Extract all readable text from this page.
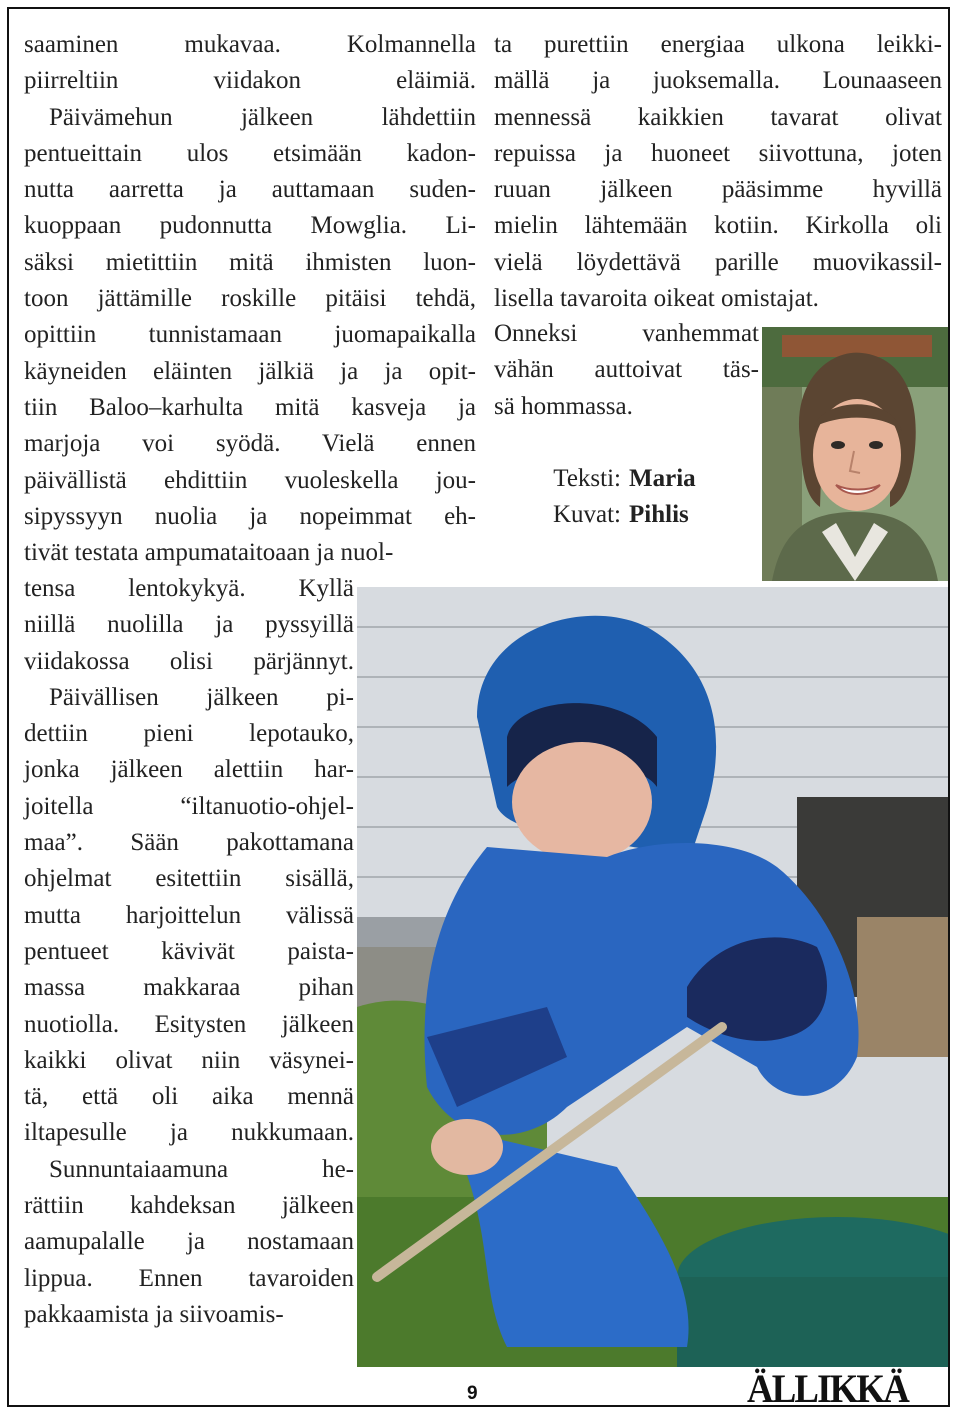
saaminen mukavaa. Kolmannella
piirreltiin viidakon eläimiä.
 Päivämehun jälkeen lähdettiin
pentueittain ulos etsimään kadon-
nutta aarretta ja auttamaan suden-
kuoppaan pudonnutta Mowglia. Li-
säksi mietittiin mitä ihmisten luon-
toon jättämille roskille pitäisi tehdä,
opittiin tunnistamaan juomapaikalla
käyneiden eläinten jälkiä ja ja opit-
tiin Baloo–karhulta mitä kasveja ja
marjoja voi syödä. Vielä ennen
päivällistä ehdittiin vuoleskella jou-
sipyssyyn nuolia ja nopeimmat eh-
tivät testata ampumataitoaan ja nuol-
tensa lentokykyä. Kyllä
niillä nuolilla ja pyssyillä
viidakossa olisi pärjännyt.
 Päivällisen jälkeen pi-
dettiin pieni lepotauko,
jonka jälkeen alettiin har-
joitella “iltanuotio-ohjel-
maa”. Sään pakottamana
ohjelmat esitettiin sisällä,
mutta harjoittelun välissä
pentueet kävivät paista-
massa makkaraa pihan
nuotiolla. Esitysten jälkeen
kaikki olivat niin väsynei-
tä, että oli aika mennä
iltapesulle ja nukkumaan.
 Sunnuntaiaamuna he-
rättiin kahdeksan jälkeen
aamupalalle ja nostamaan
lippua. Ennen tavaroiden
pakkaamista ja siivoamis-
ta purettiin energiaa ulkona leikki-
mällä ja juoksemalla. Lounaaseen
mennessä kaikkien tavarat olivat
repuissa ja huoneet siivottuna, joten
ruuan jälkeen pääsimme hyvillä
mielin lähtemään kotiin. Kirkolla oli
vielä löydettävä parille muovikassil-
lisella tavaroita oikeat omistajat.
Onneksi vanhemmat
vähän auttoivat täs-
sä hommassa.
Teksti: Maria
Kuvat: Pihlis
9	ÄLLIKKÄ
